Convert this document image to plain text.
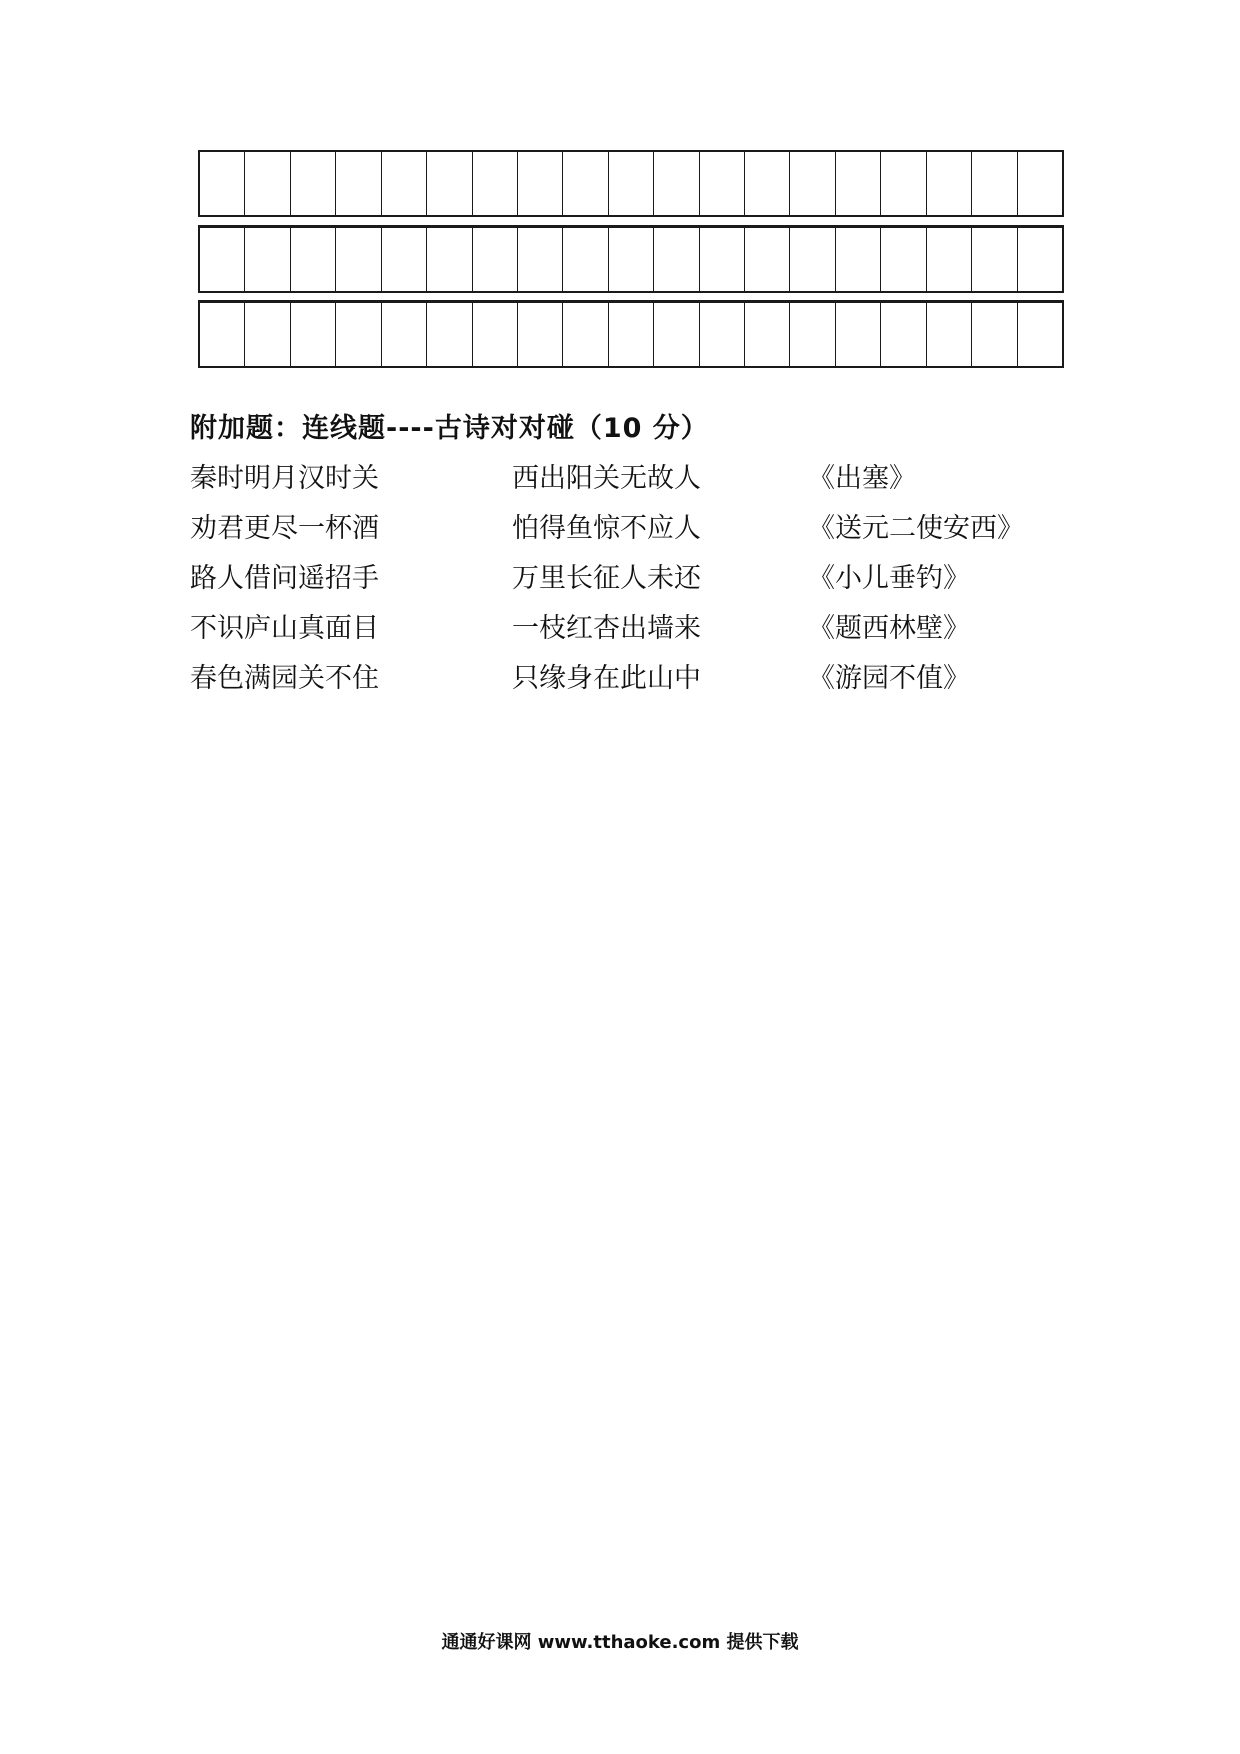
附加题：连线题----古诗对对碰（10 分）
秦时明月汉时关	西出阳关无故人	《出塞》
劝君更尽一杯酒	怕得鱼惊不应人	《送元二使安西》
路人借问遥招手	万里长征人未还	《小儿垂钓》
不识庐山真面目	一枝红杏出墙来	《题西林壁》
春色满园关不住	只缘身在此山中	《游园不值》
通通好课网 www.tthaoke.com 提供下载
